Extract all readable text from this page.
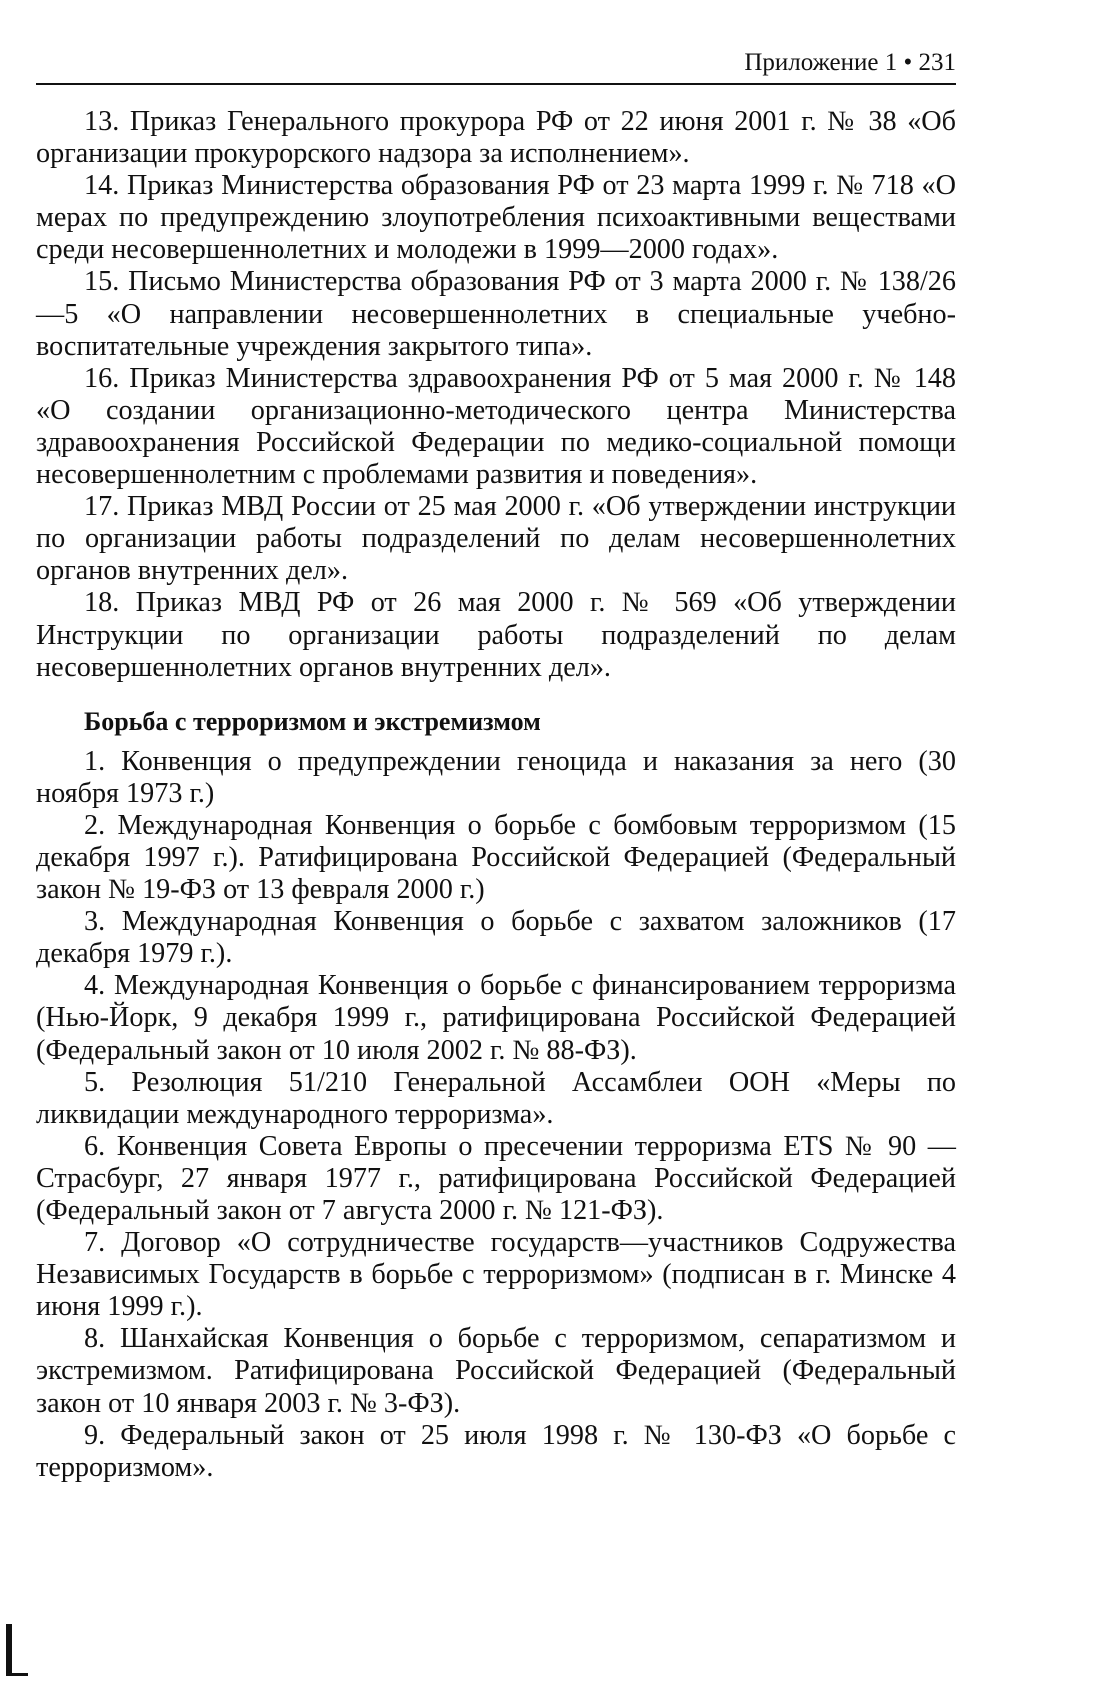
Приложение 1 • 231

13. Приказ Генерального прокурора РФ от 22 июня 2001 г. № 38 «Об организации прокурорского надзора за исполнением».

14. Приказ Министерства образования РФ от 23 марта 1999 г. № 718 «О мерах по предупреждению злоупотребления психоактивными веществами среди несовершеннолетних и молодежи в 1999—2000 годах».

15. Письмо Министерства образования РФ от 3 марта 2000 г. № 138/26—5 «О направлении несовершеннолетних в специальные учебно-воспитательные учреждения закрытого типа».

16. Приказ Министерства здравоохранения РФ от 5 мая 2000 г. № 148 «О создании организационно-методического центра Министерства здравоохранения Российской Федерации по медико-социальной помощи несовершеннолетним с проблемами развития и поведения».

17. Приказ МВД России от 25 мая 2000 г. «Об утверждении инструкции по организации работы подразделений по делам несовершеннолетних органов внутренних дел».

18. Приказ МВД РФ от 26 мая 2000 г. № 569 «Об утверждении Инструкции по организации работы подразделений по делам несовершеннолетних органов внутренних дел».

Борьба с терроризмом и экстремизмом

1. Конвенция о предупреждении геноцида и наказания за него (30 ноября 1973 г.)

2. Международная Конвенция о борьбе с бомбовым терроризмом (15 декабря 1997 г.). Ратифицирована Российской Федерацией (Федеральный закон № 19-ФЗ от 13 февраля 2000 г.)

3. Международная Конвенция о борьбе с захватом заложников (17 декабря 1979 г.).

4. Международная Конвенция о борьбе с финансированием терроризма (Нью-Йорк, 9 декабря 1999 г., ратифицирована Российской Федерацией (Федеральный закон от 10 июля 2002 г. № 88-ФЗ).

5. Резолюция 51/210 Генеральной Ассамблеи ООН «Меры по ликвидации международного терроризма».

6. Конвенция Совета Европы о пресечении терроризма ETS № 90 — Страсбург, 27 января 1977 г., ратифицирована Российской Федерацией (Федеральный закон от 7 августа 2000 г. № 121-ФЗ).

7. Договор «О сотрудничестве государств—участников Содружества Независимых Государств в борьбе с терроризмом» (подписан в г. Минске 4 июня 1999 г.).

8. Шанхайская Конвенция о борьбе с терроризмом, сепаратизмом и экстремизмом. Ратифицирована Российской Федерацией (Федеральный закон от 10 января 2003 г. № 3-ФЗ).

9. Федеральный закон от 25 июля 1998 г. № 130-ФЗ «О борьбе с терроризмом».
